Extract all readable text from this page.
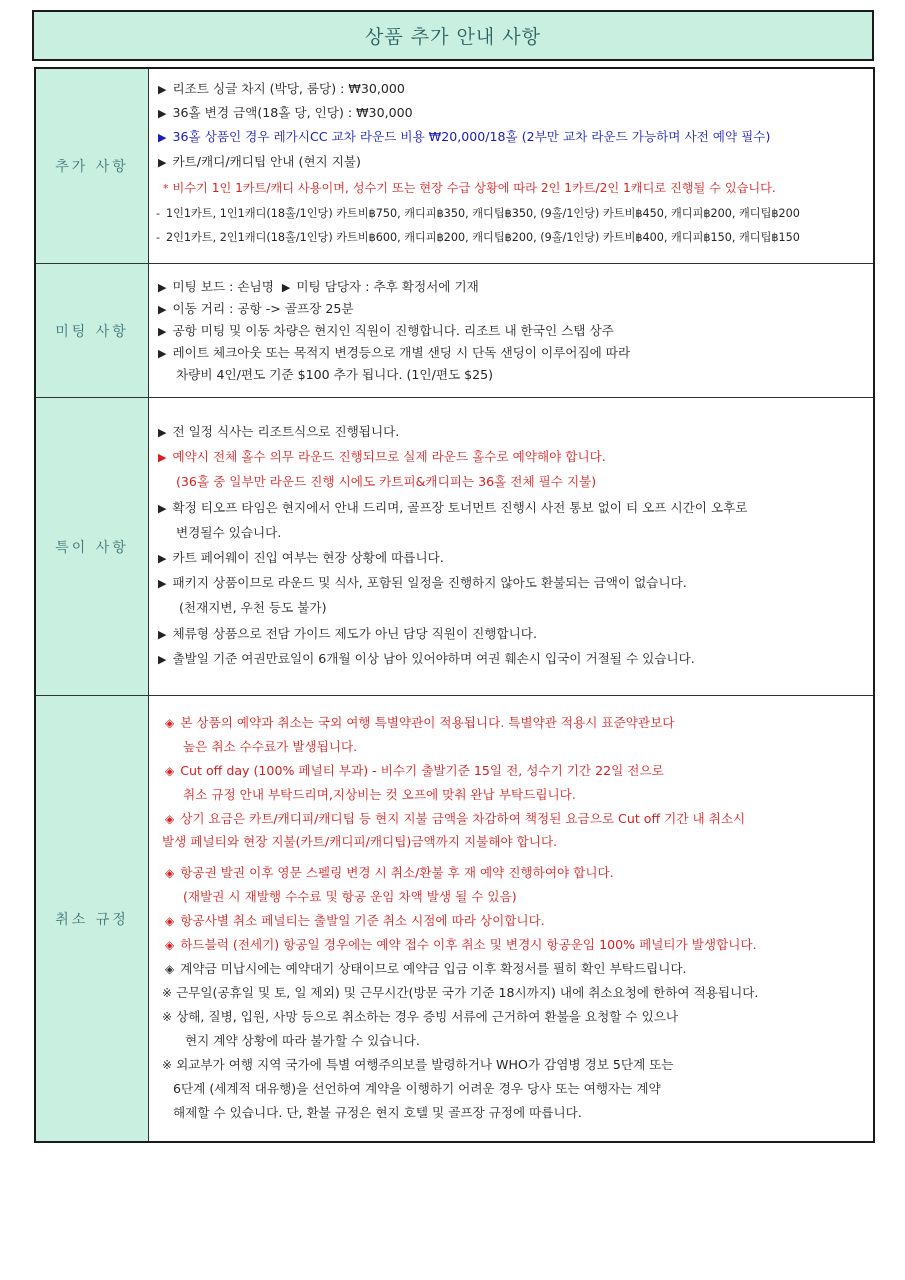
상품 추가 안내 사항
추가 사항
▶ 리조트 싱글 차지 (박당, 룸당) : ₩30,000
▶ 36홀 변경 금액(18홀 당, 인당) : ₩30,000
▶ 36홀 상품인 경우 레가시CC 교차 라운드 비용 ₩20,000/18홀 (2부만 교차 라운드 가능하며 사전 예약 필수)
▶ 카트/캐디/캐디팁 안내 (현지 지불)
* 비수기 1인 1카트/캐디 사용이며, 성수기 또는 현장 수급 상황에 따라 2인 1카트/2인 1캐디로 진행될 수 있습니다.
- 1인1카트, 1인1캐디(18홀/1인당) 카트비฿750, 캐디피฿350, 캐디팁฿350, (9홀/1인당) 카트비฿450, 캐디피฿200, 캐디팁฿200
- 2인1카트, 2인1캐디(18홀/1인당) 카트비฿600, 캐디피฿200, 캐디팁฿200, (9홀/1인당) 카트비฿400, 캐디피฿150, 캐디팁฿150
미팅 사항
▶ 미팅 보드 : 손님명 ▶ 미팅 담당자 : 추후 확정서에 기재
▶ 이동 거리 : 공항 -> 골프장 25분
▶ 공항 미팅 및 이동 차량은 현지인 직원이 진행합니다. 리조트 내 한국인 스탭 상주
▶ 레이트 체크아웃 또는 목적지 변경등으로 개별 샌딩 시 단독 샌딩이 이루어짐에 따라
차량비 4인/편도 기준 $100 추가 됩니다. (1인/편도 $25)
특이 사항
▶ 전 일정 식사는 리조트식으로 진행됩니다.
▶ 예약시 전체 홀수 의무 라운드 진행되므로 실제 라운드 홀수로 예약해야 합니다.
(36홀 중 일부만 라운드 진행 시에도 카트피&캐디피는 36홀 전체 필수 지불)
▶ 확정 티오프 타임은 현지에서 안내 드리며, 골프장 토너먼트 진행시 사전 통보 없이 티 오프 시간이 오후로
변경될수 있습니다.
▶ 카트 페어웨이 진입 여부는 현장 상황에 따릅니다.
▶ 패키지 상품이므로 라운드 및 식사, 포함된 일정을 진행하지 않아도 환불되는 금액이 없습니다.
(천재지변, 우천 등도 불가)
▶ 체류형 상품으로 전담 가이드 제도가 아닌 담당 직원이 진행합니다.
▶ 출발일 기준 여권만료일이 6개월 이상 남아 있어야하며 여권 훼손시 입국이 거절될 수 있습니다.
취소 규정
◈ 본 상품의 예약과 취소는 국외 여행 특별약관이 적용됩니다. 특별약관 적용시 표준약관보다
높은 취소 수수료가 발생됩니다.
◈ Cut off day (100% 페널티 부과) - 비수기 출발기준 15일 전, 성수기 기간 22일 전으로
취소 규정 안내 부탁드리며,지상비는 컷 오프에 맞춰 완납 부탁드립니다.
◈ 상기 요금은 카트/캐디피/캐디팁 등 현지 지불 금액을 차감하여 책정된 요금으로 Cut off 기간 내 취소시
발생 페널티와 현장 지불(카트/캐디피/캐디팁)금액까지 지불해야 합니다.
◈ 항공권 발권 이후 영문 스펠링 변경 시 취소/환불 후 재 예약 진행하여야 합니다.
(재발권 시 재발행 수수료 및 항공 운임 차액 발생 될 수 있음)
◈ 항공사별 취소 페널티는 출발일 기준 취소 시점에 따라 상이합니다.
◈ 하드블럭 (전세기) 항공일 경우에는 예약 접수 이후 취소 및 변경시 항공운임 100% 페널티가 발생합니다.
◈ 계약금 미납시에는 예약대기 상태이므로 예약금 입금 이후 확정서를 필히 확인 부탁드립니다.
※ 근무일(공휴일 및 토, 일 제외) 및 근무시간(방문 국가 기준 18시까지) 내에 취소요청에 한하여 적용됩니다.
※ 상해, 질병, 입원, 사망 등으로 취소하는 경우 증빙 서류에 근거하여 환불을 요청할 수 있으나
현지 계약 상황에 따라 불가할 수 있습니다.
※ 외교부가 여행 지역 국가에 특별 여행주의보를 발령하거나 WHO가 감염병 경보 5단계 또는
6단계 (세계적 대유행)을 선언하여 계약을 이행하기 어려운 경우 당사 또는 여행자는 계약
해제할 수 있습니다. 단, 환불 규정은 현지 호텔 및 골프장 규정에 따릅니다.
